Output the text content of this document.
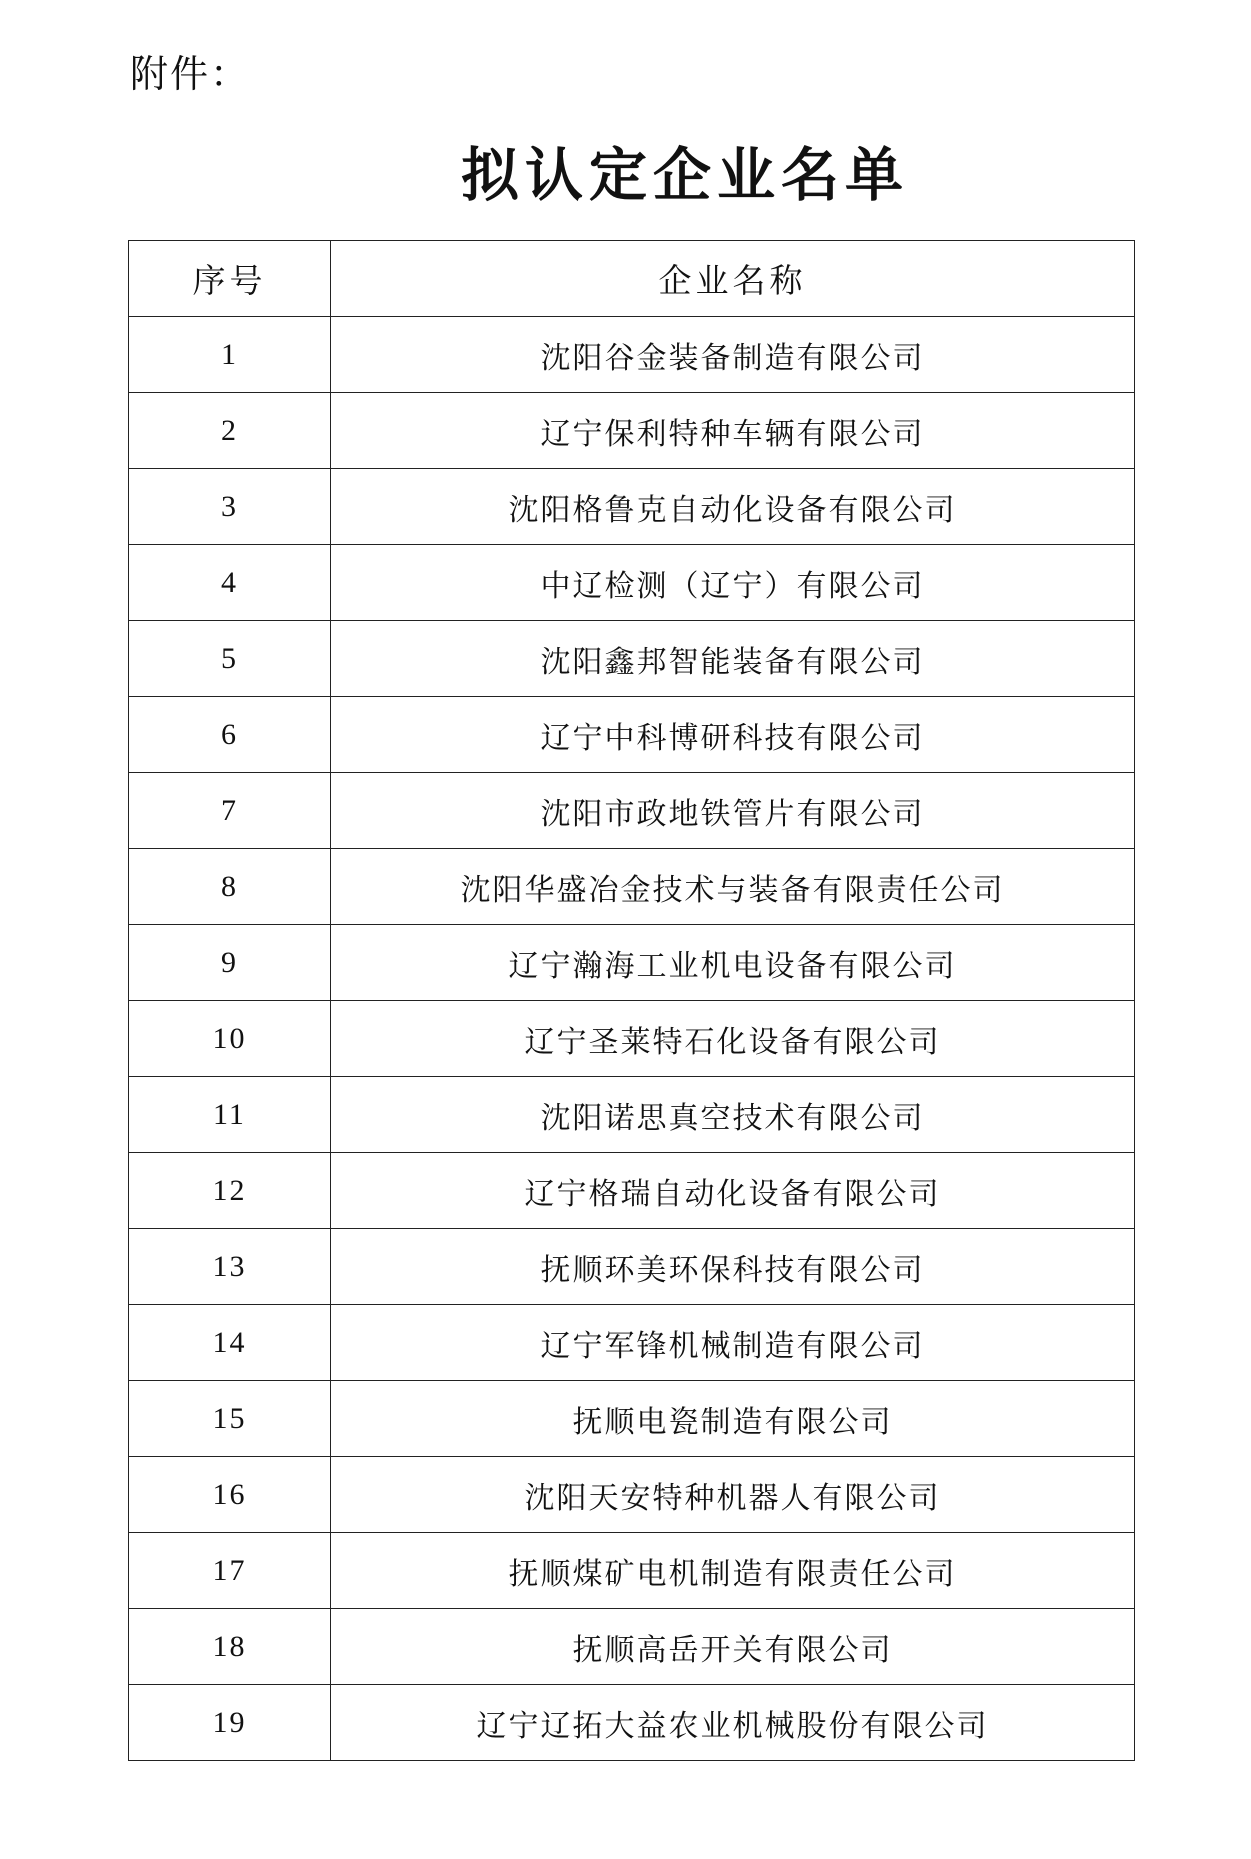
附件：
拟认定企业名单
序号	企业名称
1	沈阳谷金装备制造有限公司
2	辽宁保利特种车辆有限公司
3	沈阳格鲁克自动化设备有限公司
4	中辽检测（辽宁）有限公司
5	沈阳鑫邦智能装备有限公司
6	辽宁中科博研科技有限公司
7	沈阳市政地铁管片有限公司
8	沈阳华盛冶金技术与装备有限责任公司
9	辽宁瀚海工业机电设备有限公司
10	辽宁圣莱特石化设备有限公司
11	沈阳诺思真空技术有限公司
12	辽宁格瑞自动化设备有限公司
13	抚顺环美环保科技有限公司
14	辽宁军锋机械制造有限公司
15	抚顺电瓷制造有限公司
16	沈阳天安特种机器人有限公司
17	抚顺煤矿电机制造有限责任公司
18	抚顺高岳开关有限公司
19	辽宁辽拓大益农业机械股份有限公司
